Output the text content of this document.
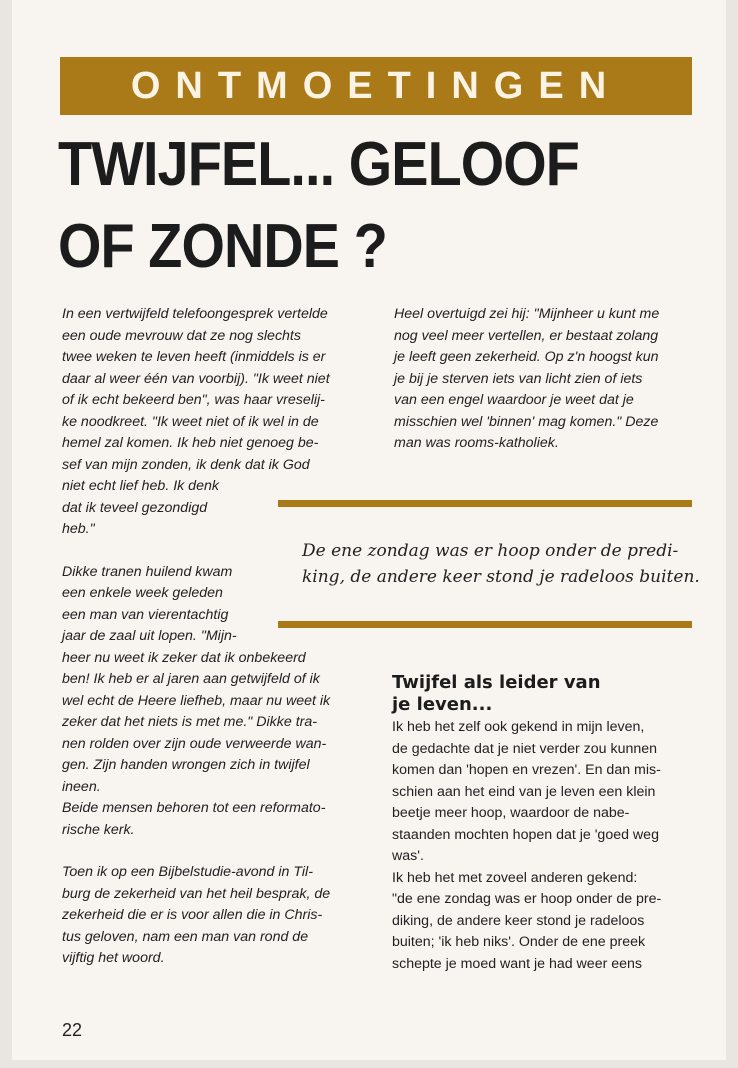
ONTMOETINGEN
TWIJFEL... GELOOF
OF ZONDE ?
In een vertwijfeld telefoongesprek vertelde
een oude mevrouw dat ze nog slechts
twee weken te leven heeft (inmiddels is er
daar al weer één van voorbij). "Ik weet niet
of ik echt bekeerd ben", was haar vreselij-
ke noodkreet. "Ik weet niet of ik wel in de
hemel zal komen. Ik heb niet genoeg be-
sef van mijn zonden, ik denk dat ik God
niet echt lief heb. Ik denk
dat ik teveel gezondigd
heb."
Dikke tranen huilend kwam
een enkele week geleden
een man van vierentachtig
jaar de zaal uit lopen. "Mijn-
heer nu weet ik zeker dat ik onbekeerd
ben! Ik heb er al jaren aan getwijfeld of ik
wel echt de Heere liefheb, maar nu weet ik
zeker dat het niets is met me." Dikke tra-
nen rolden over zijn oude verweerde wan-
gen. Zijn handen wrongen zich in twijfel
ineen.
Beide mensen behoren tot een reformato-
rische kerk.
Toen ik op een Bijbelstudie-avond in Til-
burg de zekerheid van het heil besprak, de
zekerheid die er is voor allen die in Chris-
tus geloven, nam een man van rond de
vijftig het woord.
Heel overtuigd zei hij: "Mijnheer u kunt me
nog veel meer vertellen, er bestaat zolang
je leeft geen zekerheid. Op z'n hoogst kun
je bij je sterven iets van licht zien of iets
van een engel waardoor je weet dat je
misschien wel 'binnen' mag komen." Deze
man was rooms-katholiek.
De ene zondag was er hoop onder de predi-
king, de andere keer stond je radeloos buiten.
Twijfel als leider van
je leven...
Ik heb het zelf ook gekend in mijn leven,
de gedachte dat je niet verder zou kunnen
komen dan 'hopen en vrezen'. En dan mis-
schien aan het eind van je leven een klein
beetje meer hoop, waardoor de nabe-
staanden mochten hopen dat je 'goed weg
was'.
Ik heb het met zoveel anderen gekend:
"de ene zondag was er hoop onder de pre-
diking, de andere keer stond je radeloos
buiten; 'ik heb niks'. Onder de ene preek
schepte je moed want je had weer eens
22
